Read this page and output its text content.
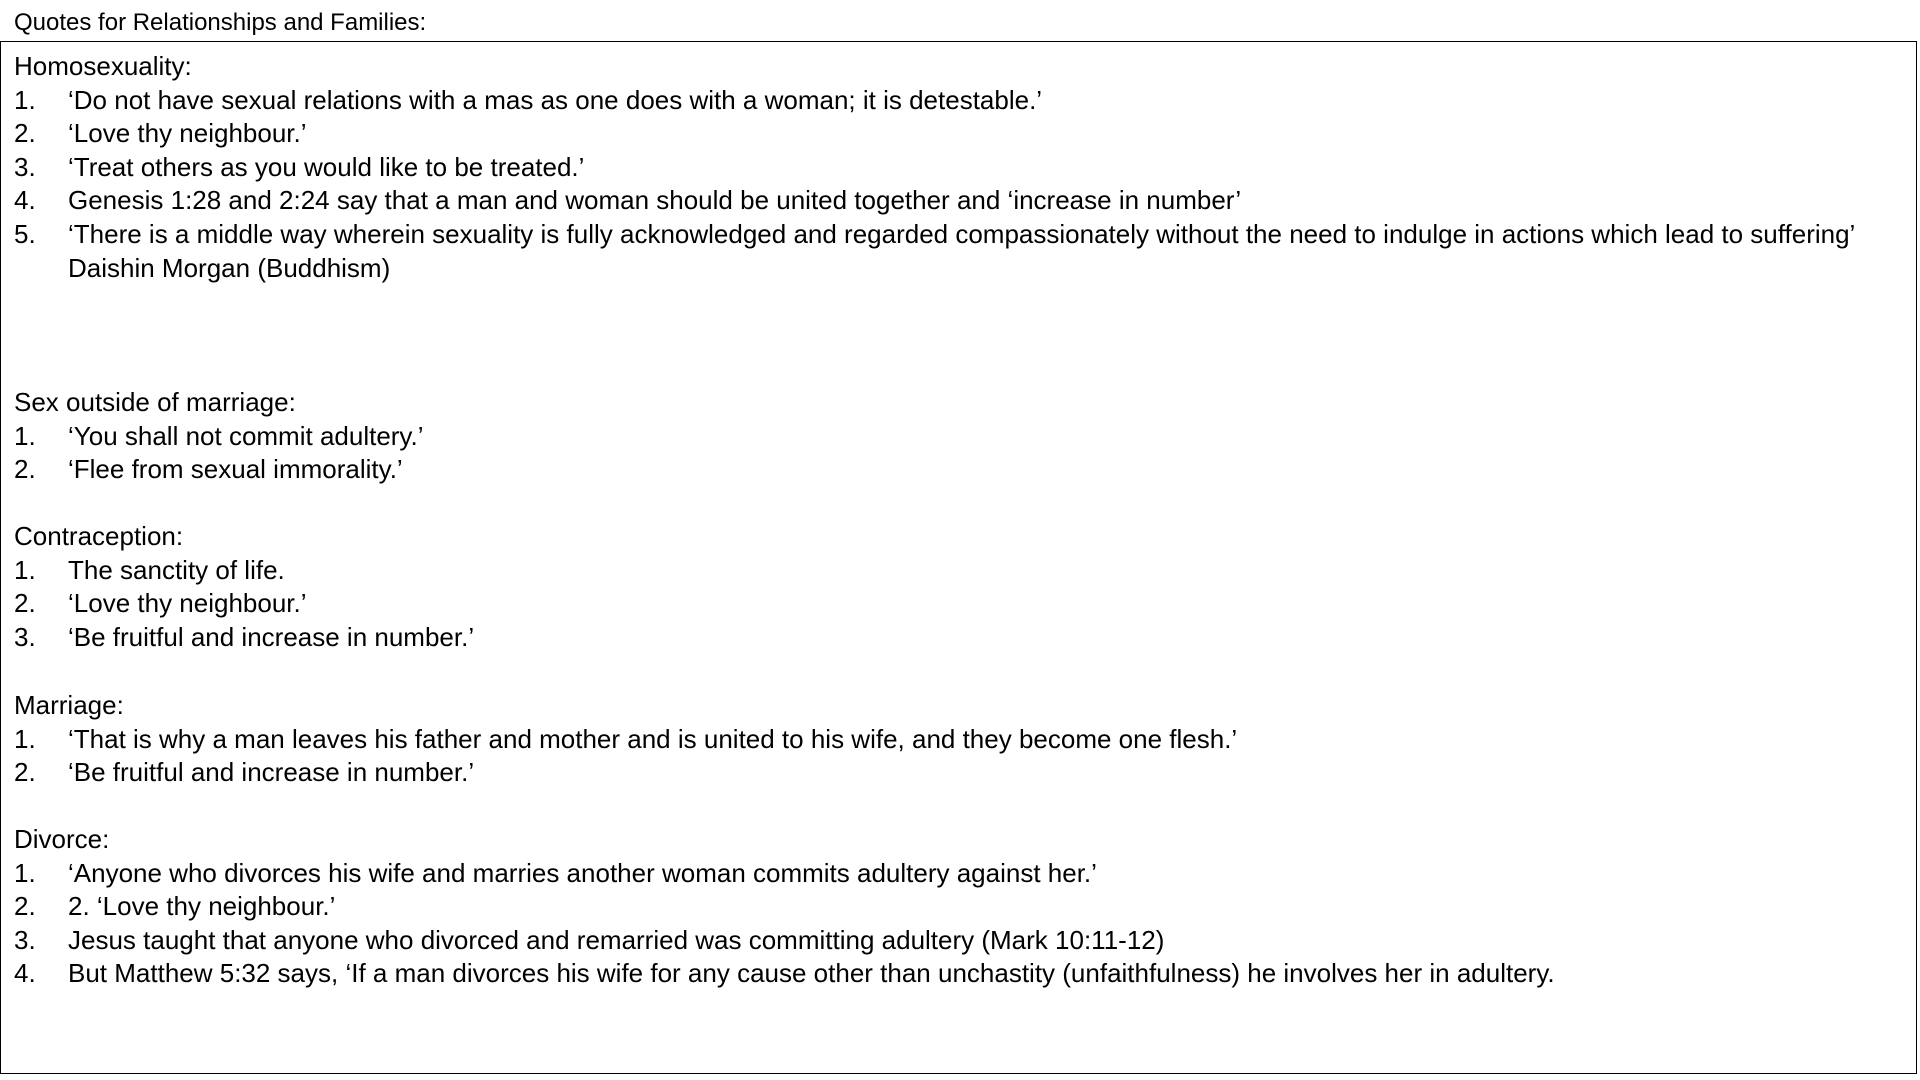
Quotes for Relationships and Families:
Homosexuality:
1.	‘Do not have sexual relations with a mas as one does with a woman; it is detestable.’
2.	‘Love thy neighbour.’
3.	‘Treat others as you would like to be treated.’
4.	Genesis 1:28 and 2:24 say that a man and woman should be united together and ‘increase in number’
5.	‘There is a middle way wherein sexuality is fully acknowledged and regarded compassionately without the need to indulge in actions which lead to suffering’ Daishin Morgan (Buddhism)
Sex outside of marriage:
1.	‘You shall not commit adultery.’
2.	‘Flee from sexual immorality.’
Contraception:
1.	The sanctity of life.
2.	‘Love thy neighbour.’
3.	‘Be fruitful and increase in number.’
Marriage:
1.	‘That is why a man leaves his father and mother and is united to his wife, and they become one flesh.’
2.	‘Be fruitful and increase in number.’
Divorce:
1.	‘Anyone who divorces his wife and marries another woman commits adultery against her.’
2.	2. ‘Love thy neighbour.’
3.	Jesus taught that anyone who divorced and remarried was committing adultery (Mark 10:11-12)
4.	But Matthew 5:32 says, ‘If a man divorces his wife for any cause other than unchastity (unfaithfulness) he involves her in adultery.
